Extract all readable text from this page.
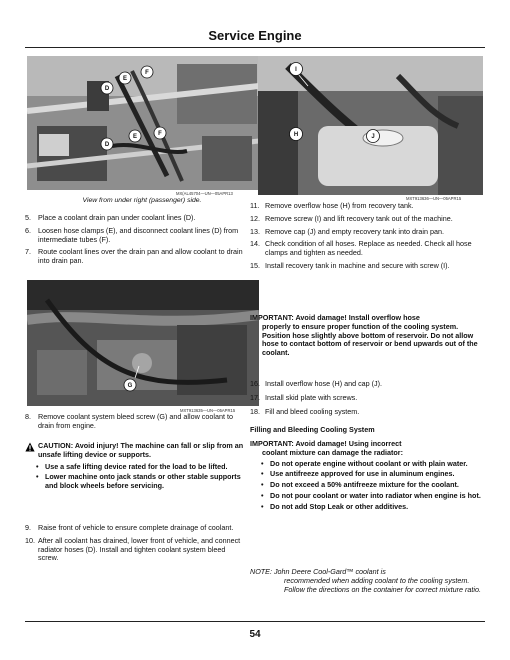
Service Engine
D
E
F
E	F
D
MX(AL45704—UN—05APR13
View from under right (passenger) side.
5. Place a coolant drain pan under coolant lines (D).
6. Loosen hose clamps (E), and disconnect coolant lines (D) from intermediate tubes (F).
7. Route coolant lines over the drain pan and allow coolant to drain into drain pan.
G
MXT913635—UN—05APR15
8. Remove coolant system bleed screw (G) and allow coolant to drain from engine.
CAUTION: Avoid injury! The machine can fall or slip from an unsafe lifting device or supports.
• Use a safe lifting device rated for the load to be lifted.
• Lower machine onto jack stands or other stable supports and block wheels before servicing.
9. Raise front of vehicle to ensure complete drainage of coolant.
10. After all coolant has drained, lower front of vehicle, and connect radiator hoses (D). Install and tighten coolant system bleed screw.
I
H	J
MXT913636—UN—05APR15
11. Remove overflow hose (H) from recovery tank.
12. Remove screw (I) and lift recovery tank out of the machine.
13. Remove cap (J) and empty recovery tank into drain pan.
14. Check condition of all hoses. Replace as needed. Check all hose clamps and tighten as needed.
15. Install recovery tank in machine and secure with screw (I).
IMPORTANT: Avoid damage! Install overflow hose
properly to ensure proper function of the cooling system. Position hose slightly above bottom of reservoir. Do not allow hose to contact bottom of reservoir or bend upwards out of the coolant.
16. Install overflow hose (H) and cap (J).
17. Install skid plate with screws.
18. Fill and bleed cooling system.
Filling and Bleeding Cooling System
IMPORTANT: Avoid damage! Using incorrect
coolant mixture can damage the radiator:
• Do not operate engine without coolant or with plain water.
• Use antifreeze approved for use in aluminum engines.
• Do not exceed a 50% antifreeze mixture for the coolant.
• Do not pour coolant or water into radiator when engine is hot.
• Do not add Stop Leak or other additives.
NOTE: John Deere Cool-Gard™ coolant is
recommended when adding coolant to the cooling system. Follow the directions on the container for correct mixture ratio.
54
